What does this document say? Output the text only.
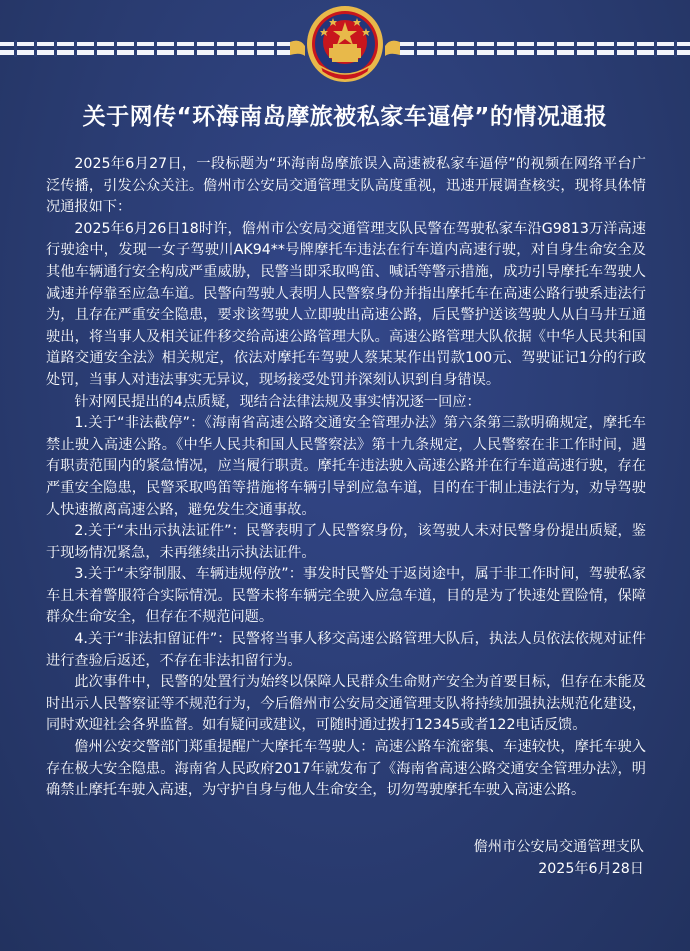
关于网传“环海南岛摩旅被私家车逼停”的情况通报

2025年6月27日，一段标题为“环海南岛摩旅误入高速被私家车逼停”的视频在网络平台广泛传播，引发公众关注。儋州市公安局交通管理支队高度重视，迅速开展调查核实，现将具体情况通报如下：

2025年6月26日18时许，儋州市公安局交通管理支队民警在驾驶私家车沿G9813万洋高速行驶途中，发现一女子驾驶川AK94**号牌摩托车违法在行车道内高速行驶，对自身生命安全及其他车辆通行安全构成严重威胁，民警当即采取鸣笛、喊话等警示措施，成功引导摩托车驾驶人减速并停靠至应急车道。民警向驾驶人表明人民警察身份并指出摩托车在高速公路行驶系违法行为，且存在严重安全隐患，要求该驾驶人立即驶出高速公路，后民警护送该驾驶人从白马井互通驶出，将当事人及相关证件移交给高速公路管理大队。高速公路管理大队依据《中华人民共和国道路交通安全法》相关规定，依法对摩托车驾驶人蔡某某作出罚款100元、驾驶证记1分的行政处罚，当事人对违法事实无异议，现场接受处罚并深刻认识到自身错误。

针对网民提出的4点质疑，现结合法律法规及事实情况逐一回应：

1.关于“非法截停”：《海南省高速公路交通安全管理办法》第六条第三款明确规定，摩托车禁止驶入高速公路。《中华人民共和国人民警察法》第十九条规定，人民警察在非工作时间，遇有职责范围内的紧急情况，应当履行职责。摩托车违法驶入高速公路并在行车道高速行驶，存在严重安全隐患，民警采取鸣笛等措施将车辆引导到应急车道，目的在于制止违法行为，劝导驾驶人快速撤离高速公路，避免发生交通事故。

2.关于“未出示执法证件”：民警表明了人民警察身份，该驾驶人未对民警身份提出质疑，鉴于现场情况紧急，未再继续出示执法证件。

3.关于“未穿制服、车辆违规停放”：事发时民警处于返岗途中，属于非工作时间，驾驶私家车且未着警服符合实际情况。民警未将车辆完全驶入应急车道，目的是为了快速处置险情，保障群众生命安全，但存在不规范问题。

4.关于“非法扣留证件”：民警将当事人移交高速公路管理大队后，执法人员依法依规对证件进行查验后返还，不存在非法扣留行为。

此次事件中，民警的处置行为始终以保障人民群众生命财产安全为首要目标，但存在未能及时出示人民警察证等不规范行为，今后儋州市公安局交通管理支队将持续加强执法规范化建设，同时欢迎社会各界监督。如有疑问或建议，可随时通过拨打12345或者122电话反馈。

儋州公安交警部门郑重提醒广大摩托车驾驶人：高速公路车流密集、车速较快，摩托车驶入存在极大安全隐患。海南省人民政府2017年就发布了《海南省高速公路交通安全管理办法》，明确禁止摩托车驶入高速，为守护自身与他人生命安全，切勿驾驶摩托车驶入高速公路。

儋州市公安局交通管理支队
2025年6月28日
